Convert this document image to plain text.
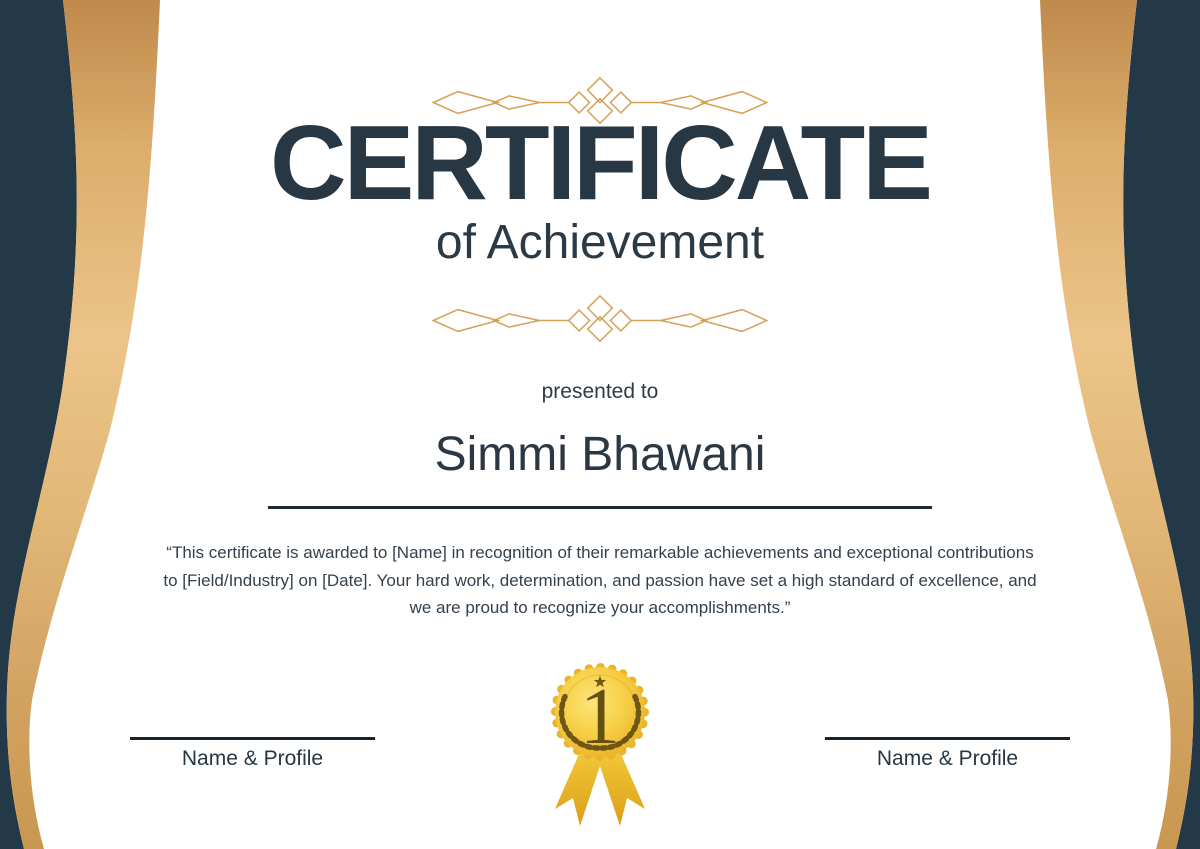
CERTIFICATE
of Achievement
presented to
Simmi Bhawani
“This certificate is awarded to [Name] in recognition of their remarkable achievements and exceptional contributions
to [Field/Industry] on [Date]. Your hard work, determination, and passion have set a high standard of excellence, and
we are proud to recognize your accomplishments.”
1
Name & Profile	Name & Profile
